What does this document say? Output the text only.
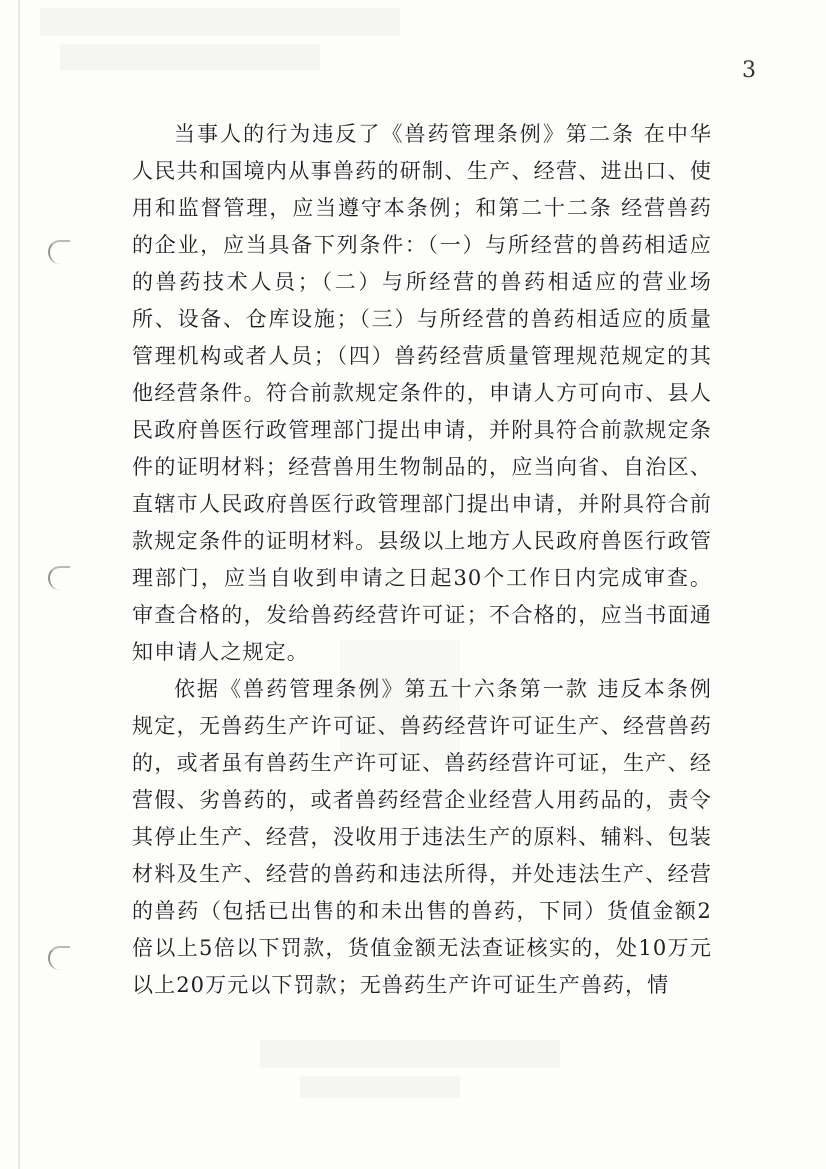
3

当事人的行为违反了《兽药管理条例》第二条 在中华人民共和国境内从事兽药的研制、生产、经营、进出口、使用和监督管理，应当遵守本条例；和第二十二条 经营兽药的企业，应当具备下列条件：（一）与所经营的兽药相适应的兽药技术人员；（二）与所经营的兽药相适应的营业场所、设备、仓库设施；（三）与所经营的兽药相适应的质量管理机构或者人员；（四）兽药经营质量管理规范规定的其他经营条件。符合前款规定条件的，申请人方可向市、县人民政府兽医行政管理部门提出申请，并附具符合前款规定条件的证明材料；经营兽用生物制品的，应当向省、自治区、直辖市人民政府兽医行政管理部门提出申请，并附具符合前款规定条件的证明材料。县级以上地方人民政府兽医行政管理部门，应当自收到申请之日起30个工作日内完成审查。审查合格的，发给兽药经营许可证；不合格的，应当书面通知申请人之规定。

依据《兽药管理条例》第五十六条第一款 违反本条例规定，无兽药生产许可证、兽药经营许可证生产、经营兽药的，或者虽有兽药生产许可证、兽药经营许可证，生产、经营假、劣兽药的，或者兽药经营企业经营人用药品的，责令其停止生产、经营，没收用于违法生产的原料、辅料、包装材料及生产、经营的兽药和违法所得，并处违法生产、经营的兽药（包括已出售的和未出售的兽药，下同）货值金额2倍以上5倍以下罚款，货值金额无法查证核实的，处10万元以上20万元以下罚款；无兽药生产许可证生产兽药，情
